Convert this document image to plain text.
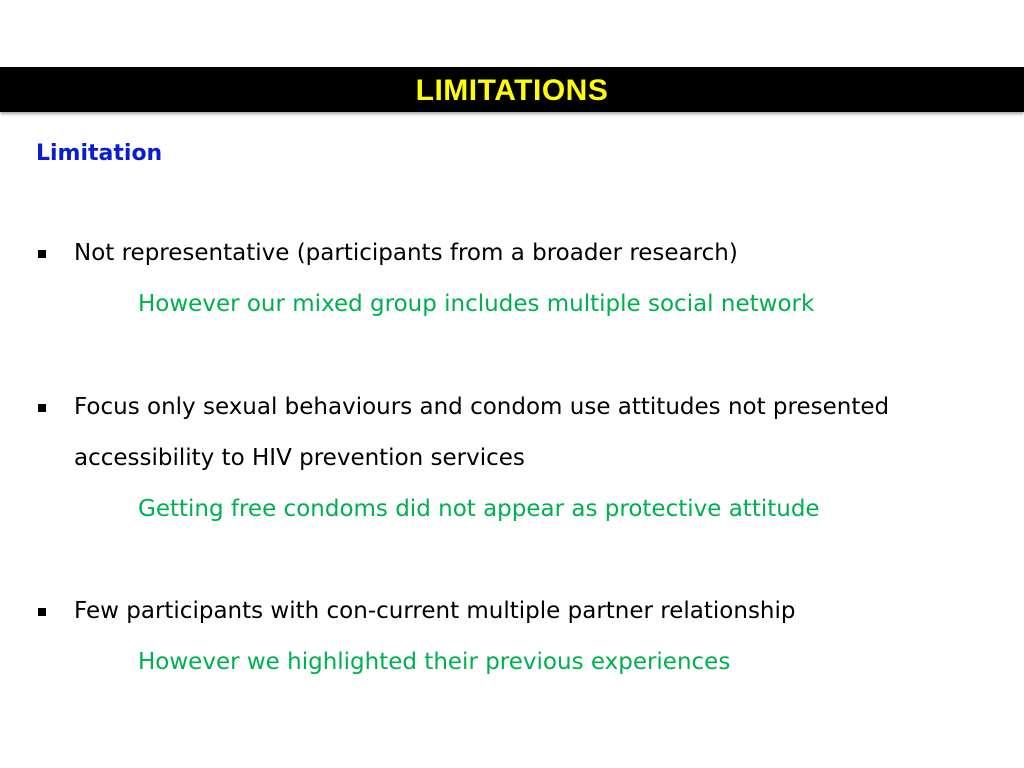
LIMITATIONS
Limitation
Not representative (participants from a broader research)
However our mixed group includes multiple social network
Focus only sexual behaviours and condom use attitudes not presented accessibility to HIV prevention services
Getting free condoms did not appear as protective attitude
Few participants with con-current multiple partner relationship
However we highlighted their previous experiences
